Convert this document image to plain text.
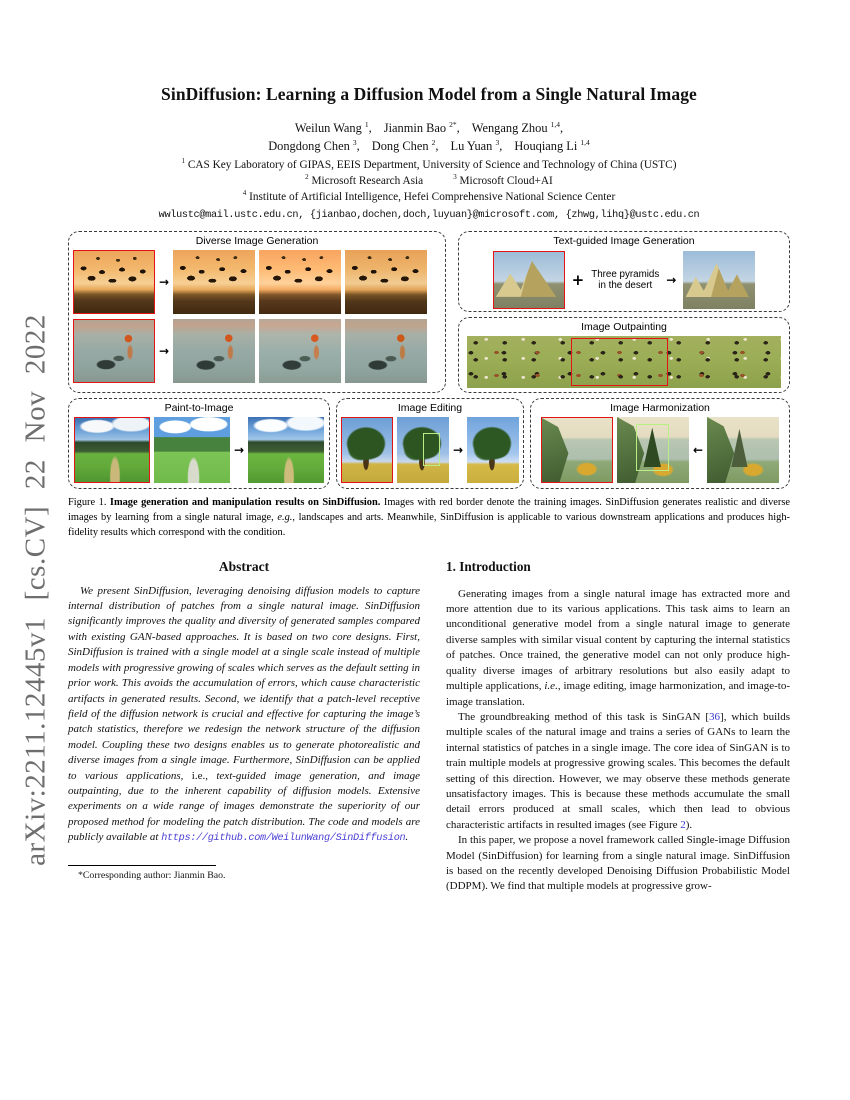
arXiv:2211.12445v1 [cs.CV] 22 Nov 2022
SinDiffusion: Learning a Diffusion Model from a Single Natural Image
Weilun Wang $^1$, Jianmin Bao $^{2*}$, Wengang Zhou $^{1,4}$,
Dongdong Chen $^3$, Dong Chen $^2$, Lu Yuan $^3$, Houqiang Li $^{1,4}$
$^1$ CAS Key Laboratory of GIPAS, EEIS Department, University of Science and Technology of China (USTC)
$^2$ Microsoft Research Asia	$^3$ Microsoft Cloud+AI
$^4$ Institute of Artificial Intelligence, Hefei Comprehensive National Science Center
wwlustc@mail.ustc.edu.cn, {jianbao,dochen,doch,luyuan}@microsoft.com, {zhwg,lihq}@ustc.edu.cn
Diverse Image Generation
→
→
Text-guided Image Generation
+ Three pyramids
in the desert	→
Image Outpainting
Paint-to-Image
→
Image Editing
→
Image Harmonization
←
Figure 1. Image generation and manipulation results on SinDiffusion. Images with red border denote the training images. SinDiffusion generates realistic and diverse images by learning from a single natural image, e.g., landscapes and arts. Meanwhile, SinDiffusion is applicable to various downstream applications and produces high-fidelity results which correspond with the condition.
Abstract

We present SinDiffusion, leveraging denoising diffusion models to capture internal distribution of patches from a single natural image. SinDiffusion significantly improves the quality and diversity of generated samples compared with existing GAN-based approaches. It is based on two core designs. First, SinDiffusion is trained with a single model at a single scale instead of multiple models with progressive growing of scales which serves as the default setting in prior work. This avoids the accumulation of errors, which cause characteristic artifacts in generated results. Second, we identify that a patch-level receptive field of the diffusion network is crucial and effective for capturing the image’s patch statistics, therefore we redesign the network structure of the diffusion model. Coupling these two designs enables us to generate photorealistic and diverse images from a single image. Furthermore, SinDiffusion can be applied to various applications, i.e., text-guided image generation, and image outpainting, due to the inherent capability of diffusion models. Extensive experiments on a wide range of images demonstrate the superiority of our proposed method for modeling the patch distribution. The code and models are publicly available at https://github.com/WeilunWang/SinDiffusion.

*Corresponding author: Jianmin Bao.
1. Introduction

Generating images from a single natural image has extracted more and more attention due to its various applications. This task aims to learn an unconditional generative model from a single natural image to generate diverse samples with similar visual content by capturing the internal statistics of patches. Once trained, the generative model can not only produce high-quality diverse images of arbitrary resolutions but also easily adapt to multiple applications, i.e., image editing, image harmonization, and image-to-image translation.

The groundbreaking method of this task is SinGAN [36], which builds multiple scales of the natural image and trains a series of GANs to learn the internal statistics of patches in a single image. The core idea of SinGAN is to train multiple models at progressive growing scales. This becomes the default setting of this direction. However, we may observe these methods generate unsatisfactory images. This is because these methods accumulate the small detail errors produced at small scales, which then lead to obvious characteristic artifacts in resulted images (see Figure 2).

In this paper, we propose a novel framework called Single-image Diffusion Model (SinDiffusion) for learning from a single natural image. SinDiffusion is based on the recently developed Denoising Diffusion Probabilistic Model (DDPM). We find that multiple models at progressive grow-
